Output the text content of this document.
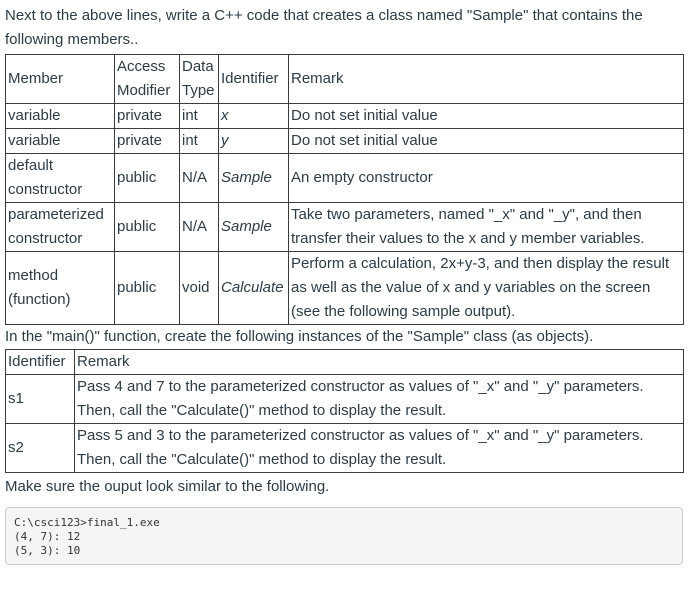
Next to the above lines, write a C++ code that creates a class named "Sample" that contains the following members..

Member	Access Modifier	Data Type	Identifier	Remark
variable	private	int	x	Do not set initial value
variable	private	int	y	Do not set initial value
default constructor	public	N/A	Sample	An empty constructor
parameterized constructor	public	N/A	Sample	Take two parameters, named "_x" and "_y", and then transfer their values to the x and y member variables.
method (function)	public	void	Calculate	Perform a calculation, 2x+y-3, and then display the result as well as the value of x and y variables on the screen (see the following sample output).

In the "main()" function, create the following instances of the "Sample" class (as objects).

Identifier	Remark
s1	Pass 4 and 7 to the parameterized constructor as values of "_x" and "_y" parameters. Then, call the "Calculate()" method to display the result.
s2	Pass 5 and 3 to the parameterized constructor as values of "_x" and "_y" parameters. Then, call the "Calculate()" method to display the result.

Make sure the ouput look similar to the following.

C:\csci123>final_1.exe
(4, 7): 12
(5, 3): 10
